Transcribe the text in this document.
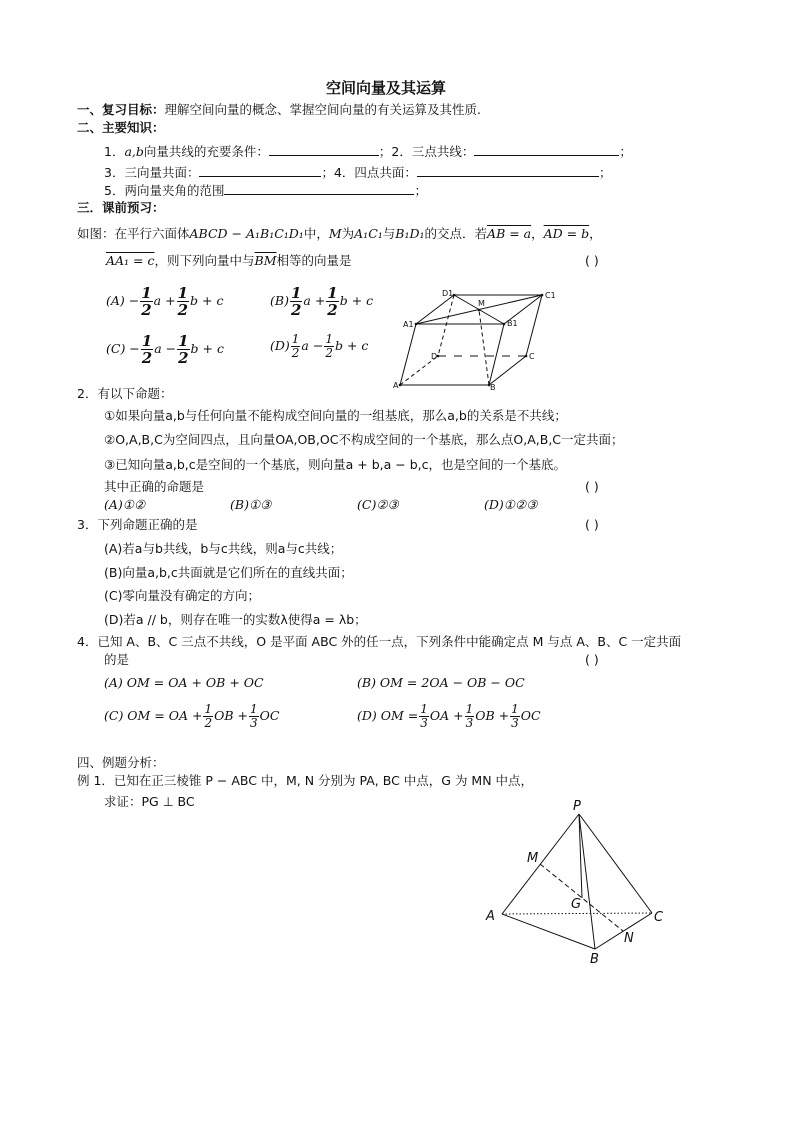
空间向量及其运算
一、复习目标：理解空间向量的概念、掌握空间向量的有关运算及其性质.
二、主要知识：
1．a,b向量共线的充要条件：	；2．三点共线：	；
3．三向量共面：	；4．四点共面：	；
5．两向量夹角的范围	；
三．课前预习：
如图：在平行六面体ABCD − A₁B₁C₁D₁中，M为A₁C₁与B₁D₁的交点．若AB = a，AD = b，
AA₁ = c，则下列向量中与$\overline{BM}$相等的向量是	( )
$(A) - \frac{1}{2}$ $a + \frac{1}{2}$ b + c	$(B) \frac{1}{2}$ $a + \frac{1}{2}$ b + c
$(C) - \frac{1}{2}$ $a - \frac{1}{2}$ b + c	$(D) \frac{1}{2}$ $a - \frac{1}{2}$ b + c
D1
M
C1
A1	B1
D	C
A	B
2．有以下命题：
①如果向量a,b与任何向量不能构成空间向量的一组基底，那么a,b的关系是不共线；
②O,A,B,C为空间四点，且向量OA,OB,OC不构成空间的一个基底，那么点O,A,B,C一定共面；
③已知向量a,b,c是空间的一个基底，则向量a + b,a − b,c，也是空间的一个基底。
其中正确的命题是	( )
(A)①②	(B)①③	(C)②③	(D)①②③
3．下列命题正确的是	( )
(A)若a与b共线，b与c共线，则a与c共线；
(B)向量a,b,c共面就是它们所在的直线共面；
(C)零向量没有确定的方向；
(D)若a // b，则存在唯一的实数λ使得a = λb；
4．已知 A、B、C 三点不共线，O 是平面 ABC 外的任一点，下列条件中能确定点 M 与点 A、B、C 一定共面
的是	( )
(A) OM = OA + OB + OC	(B) OM = 2OA − OB − OC
(C) OM = OA + $\frac{1}{2}$ OB + $\frac{1}{3}$ OC	(D) OM = $\frac{1}{3}$ OA + $\frac{1}{3}$ OB + $\frac{1}{3}$ OC
四、例题分析：
例 1．已知在正三棱锥 P − ABC 中，M, N 分别为 PA, BC 中点，G 为 MN 中点，
求证：PG ⊥ BC	P
M
G
A	C
N
B
